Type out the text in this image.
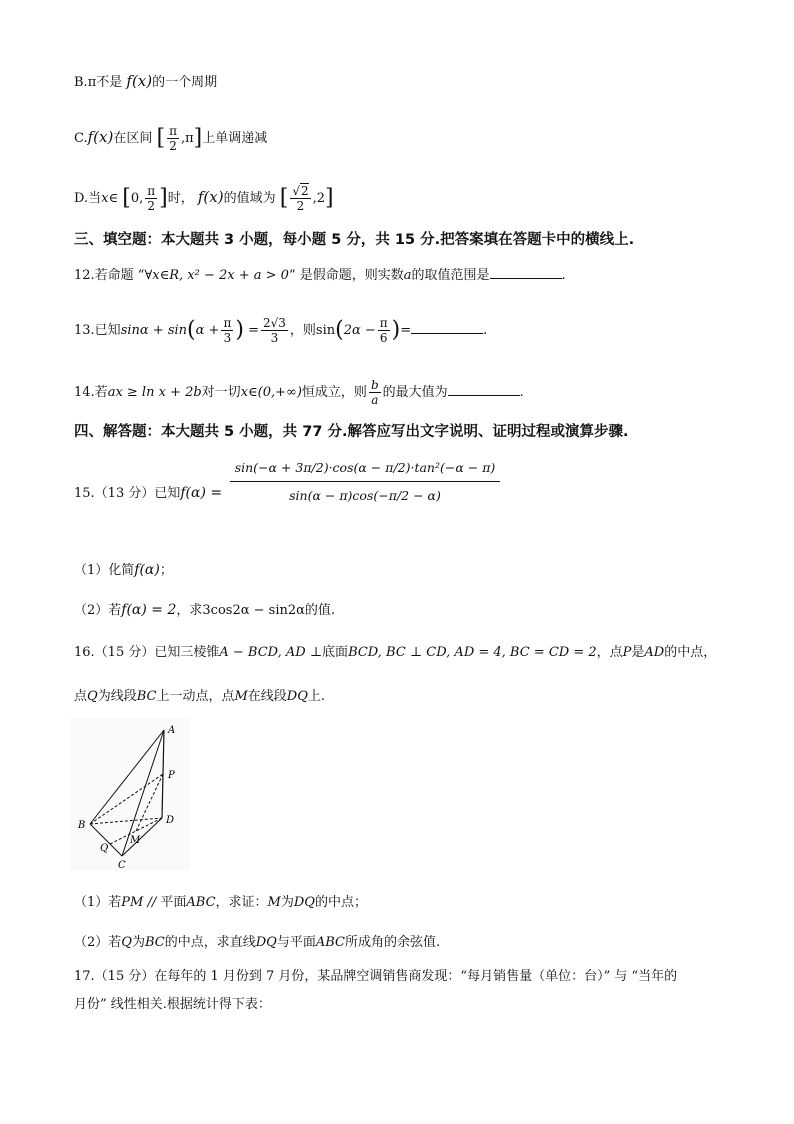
B.π不是 f(x)的一个周期
C.f(x)在区间 [ $\frac{\pi}{2} ,\pi$]上单调递减
D.当x∈ [0, $\frac{\pi}{2}$ ]时， f(x)的值域为 [ $\frac{√2}{2} ,2$]
三、填空题：本大题共 3 小题，每小题 5 分，共 15 分.把答案填在答题卡中的横线上.
12.若命题 “∀x∈R, x² − 2x + a > 0” 是假命题，则实数a的取值范围是	.
13.已知$\sin\alpha + \sin(\alpha + \frac{\pi}{3}$ ) = $\frac{2√3}{3}$ ，则$\sin(2\alpha - \frac{\pi}{6}$ )=	.
14.若ax ≥ ln x + 2b对一切x∈(0,+∞)恒成立，则 $\frac{b}{a}$ 的最大值为	.
四、解答题：本大题共 5 小题，共 77 分.解答应写出文字说明、证明过程或演算步骤.
15.（13 分）已知$f(\alpha) = \frac{\text{sin(−α + 3π/2)·cos(α − π/2)·tan²(−α − π)}}{\sin(\alpha - \pi)\cos(-\pi/2 - \alpha)}$
（1）化简f(α)；
（2）若f(α) = 2，求3cos2α − sin2α的值.
16.（15 分）已知三棱锥A − BCD, AD ⊥底面BCD, BC ⊥ CD, AD = 4, BC = CD = 2，点P是AD的中点，
点Q为线段BC上一动点，点M在线段DQ上.
A
B
C
D
P
Q
M
（1）若PM // 平面ABC，求证：M为DQ的中点；
（2）若Q为BC的中点，求直线DQ与平面ABC所成角的余弦值.
17.（15 分）在每年的 1 月份到 7 月份，某品牌空调销售商发现：“每月销售量（单位：台）” 与 “当年的
月份” 线性相关.根据统计得下表：
